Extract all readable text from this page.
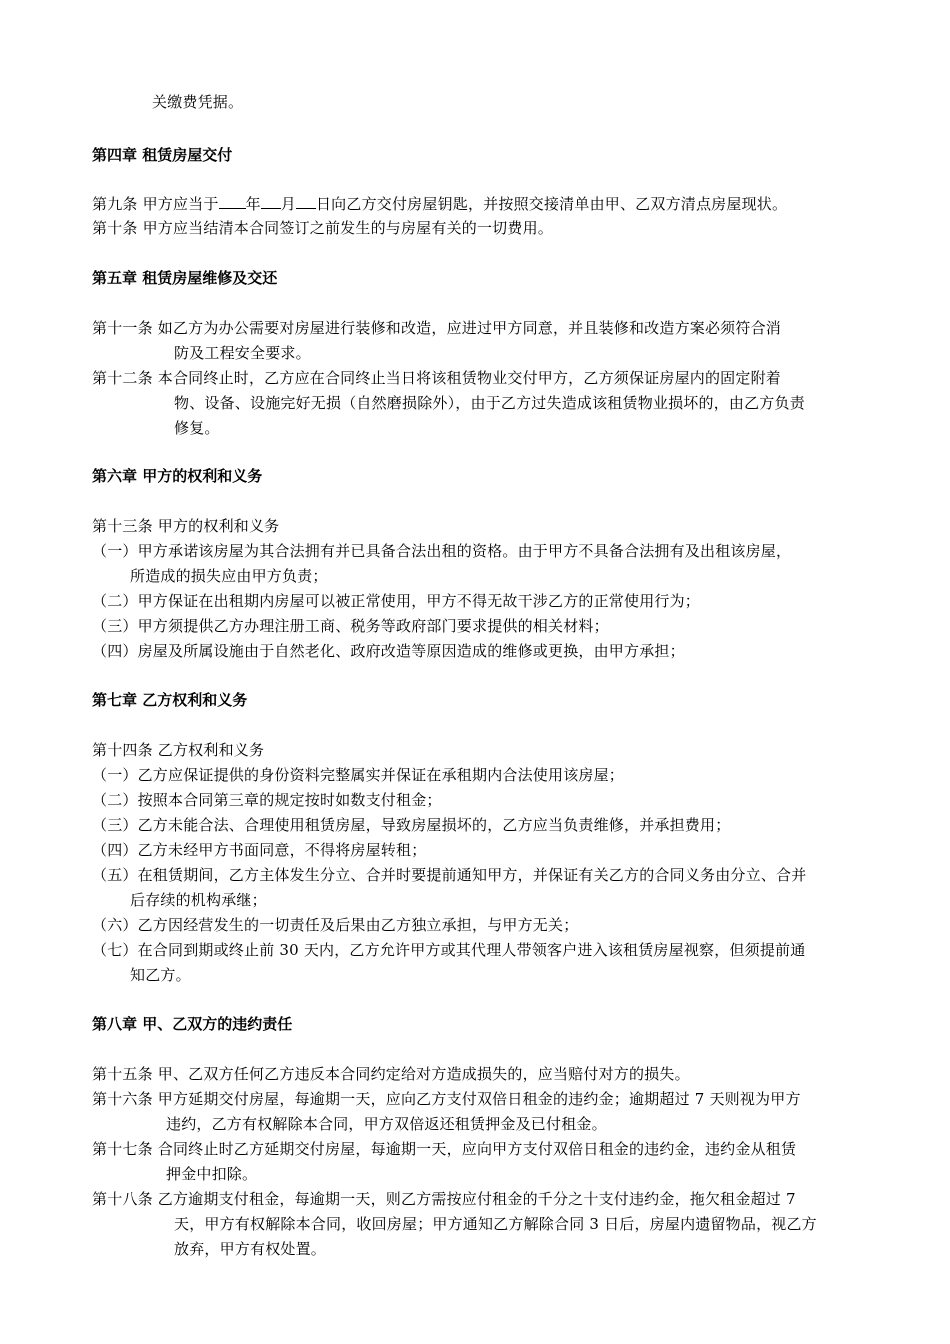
关缴费凭据。
第四章 租赁房屋交付
第九条 甲方应当于 年 月 日向乙方交付房屋钥匙，并按照交接清单由甲、乙双方清点房屋现状。
第十条 甲方应当结清本合同签订之前发生的与房屋有关的一切费用。
第五章 租赁房屋维修及交还
第十一条 如乙方为办公需要对房屋进行装修和改造，应进过甲方同意，并且装修和改造方案必须符合消
防及工程安全要求。
第十二条 本合同终止时，乙方应在合同终止当日将该租赁物业交付甲方，乙方须保证房屋内的固定附着
物、设备、设施完好无损（自然磨损除外），由于乙方过失造成该租赁物业损坏的，由乙方负责
修复。
第六章 甲方的权利和义务
第十三条 甲方的权利和义务
（一）甲方承诺该房屋为其合法拥有并已具备合法出租的资格。由于甲方不具备合法拥有及出租该房屋，
所造成的损失应由甲方负责；
（二）甲方保证在出租期内房屋可以被正常使用，甲方不得无故干涉乙方的正常使用行为；
（三）甲方须提供乙方办理注册工商、税务等政府部门要求提供的相关材料；
（四）房屋及所属设施由于自然老化、政府改造等原因造成的维修或更换，由甲方承担；
第七章 乙方权利和义务
第十四条 乙方权利和义务
（一）乙方应保证提供的身份资料完整属实并保证在承租期内合法使用该房屋；
（二）按照本合同第三章的规定按时如数支付租金；
（三）乙方未能合法、合理使用租赁房屋，导致房屋损坏的，乙方应当负责维修，并承担费用；
（四）乙方未经甲方书面同意，不得将房屋转租；
（五）在租赁期间，乙方主体发生分立、合并时要提前通知甲方，并保证有关乙方的合同义务由分立、合并
后存续的机构承继；
（六）乙方因经营发生的一切责任及后果由乙方独立承担，与甲方无关；
（七）在合同到期或终止前 30 天内，乙方允许甲方或其代理人带领客户进入该租赁房屋视察，但须提前通
知乙方。
第八章 甲、乙双方的违约责任
第十五条 甲、乙双方任何乙方违反本合同约定给对方造成损失的，应当赔付对方的损失。
第十六条 甲方延期交付房屋，每逾期一天，应向乙方支付双倍日租金的违约金；逾期超过 7 天则视为甲方
违约，乙方有权解除本合同，甲方双倍返还租赁押金及已付租金。
第十七条 合同终止时乙方延期交付房屋，每逾期一天，应向甲方支付双倍日租金的违约金，违约金从租赁
押金中扣除。
第十八条 乙方逾期支付租金，每逾期一天，则乙方需按应付租金的千分之十支付违约金，拖欠租金超过 7
天，甲方有权解除本合同，收回房屋；甲方通知乙方解除合同 3 日后，房屋内遗留物品，视乙方
放弃，甲方有权处置。
